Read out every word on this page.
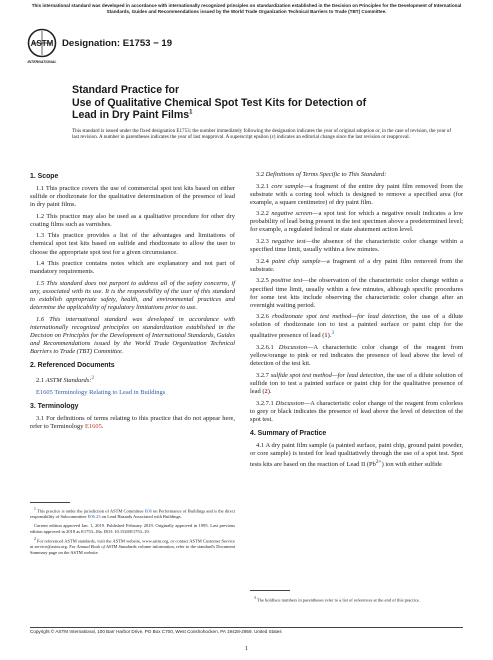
This international standard was developed in accordance with internationally recognized principles on standardization established in the Decision on Principles for the Development of International Standards, Guides and Recommendations issued by the World Trade Organization Technical Barriers to Trade (TBT) Committee.
ASTM
INTERNATIONAL
Designation: E1753 − 19
Standard Practice for
Use of Qualitative Chemical Spot Test Kits for Detection of
Lead in Dry Paint Films$^1$
This standard is issued under the fixed designation E1753; the number immediately following the designation indicates the year of original adoption or, in the case of revision, the year of last revision. A number in parentheses indicates the year of last reapproval. A superscript epsilon (ε) indicates an editorial change since the last revision or reapproval.
1. Scope

1.1 This practice covers the use of commercial spot test kits based on either sulfide or rhodizonate for the qualitative determination of the presence of lead in dry paint films.

1.2 This practice may also be used as a qualitative procedure for other dry coating films such as varnishes.

1.3 This practice provides a list of the advantages and limitations of chemical spot test kits based on sulfide and rhodizonate to allow the user to choose the appropriate spot test for a given circumstance.

1.4 This practice contains notes which are explanatory and not part of mandatory requirements.

1.5 This standard does not purport to address all of the safety concerns, if any, associated with its use. It is the responsibility of the user of this standard to establish appropriate safety, health, and environmental practices and determine the applicability of regulatory limitations prior to use.

1.6 This international standard was developed in accordance with internationally recognized principles on standardization established in the Decision on Principles for the Development of International Standards, Guides and Recommendations issued by the World Trade Organization Technical Barriers to Trade (TBT) Committee.

2. Referenced Documents

2.1 ASTM Standards:$^2$

E1605 Terminology Relating to Lead in Buildings

3. Terminology

3.1 For definitions of terms relating to this practice that do not appear here, refer to Terminology E1605.

$^1$ This practice is under the jurisdiction of ASTM Committee E06 on Performance of Buildings and is the direct responsibility of Subcommittee E06.23 on Lead Hazards Associated with Buildings.

Current edition approved Jan. 1, 2019. Published February 2019. Originally approved in 1995. Last previous edition approved in 2018 as E1753–18a. DOI: 10.1520/E1753–19.

$^2$ For referenced ASTM standards, visit the ASTM website, www.astm.org, or contact ASTM Customer Service at service@astm.org. For Annual Book of ASTM Standards volume information, refer to the standard's Document Summary page on the ASTM website.

3.2 Definitions of Terms Specific to This Standard:

3.2.1 core sample—a fragment of the entire dry paint film removed from the substrate with a coring tool which is designed to remove a specified area (for example, a square centimetre) of dry paint film.

3.2.2 negative screen—a spot test for which a negative result indicates a low probability of lead being present in the test specimen above a predetermined level; for example, a regulated federal or state abatement action level.

3.2.3 negative test—the absence of the characteristic color change within a specified time limit, usually within a few minutes.

3.2.4 paint chip sample—a fragment of a dry paint film removed from the substrate.

3.2.5 positive test—the observation of the characteristic color change within a specified time limit, usually within a few minutes, although specific procedures for some test kits include observing the characteristic color change after an overnight waiting period.

3.2.6 rhodizonate spot test method—for lead detection, the use of a dilute solution of rhodizonate ion to test a painted surface or paint chip for the qualitative presence of lead (1).$^3$

3.2.6.1 Discussion—A characteristic color change of the reagent from yellow/orange to pink or red indicates the presence of lead above the level of detection of the test kit.

3.2.7 sulfide spot test method—for lead detection, the use of a dilute solution of sulfide ion to test a painted surface or paint chip for the qualitative presence of lead (2).

3.2.7.1 Discussion—A characteristic color change of the reagent from colorless to grey or black indicates the presence of lead above the level of detection of the spot test.

4. Summary of Practice

4.1 A dry paint film sample (a painted surface, paint chip, ground paint powder, or core sample) is tested for lead qualitatively through the use of a spot test. Spot tests kits are based on the reaction of Lead II $(Pb^{2+})$ ion with either sulfide

$^3$ The boldface numbers in parentheses refer to a list of references at the end of this practice.

Copyright © ASTM International, 100 Barr Harbor Drive, PO Box C700, West Conshohocken, PA 19428-2959. United States
1
